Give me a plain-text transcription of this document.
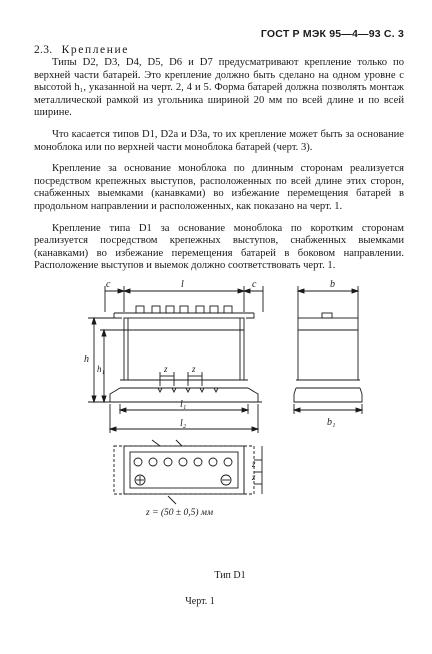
ГОСТ Р МЭК 95—4—93 С. 3
2.3. Крепление

Типы D2, D3, D4, D5, D6 и D7 предусматривают крепление только по верхней части батарей. Это крепление должно быть сделано на одном уровне с высотой h₁, указанной на черт. 2, 4 и 5. Форма батарей должна позволять монтаж металлической рамкой из угольника шириной 20 мм по всей длине и по всей ширине.

Что касается типов D1, D2a и D3a, то их крепление может быть за основание моноблока или по верхней части моноблока батарей (черт. 3).

Крепление за основание моноблока по длинным сторонам реализуется посредством крепежных выступов, расположенных по всей длине этих сторон, снабженных выемками (канавками) во избежание перемещения батарей в продольном направлении и расположенных, как показано на черт. 1.

Крепление типа D1 за основание моноблока по коротким сторонам реализуется посредством крепежных выступов, снабженных выемками (канавками) во избежание перемещения батарей в боковом направлении. Расположение выступов и выемок должно соответствовать черт. 1.

c	l	c	b
h
h₁	z	z
l₁
l₂	b₁
z
z
z = (50 ± 0,5) мм
Тип D1
Черт. 1
